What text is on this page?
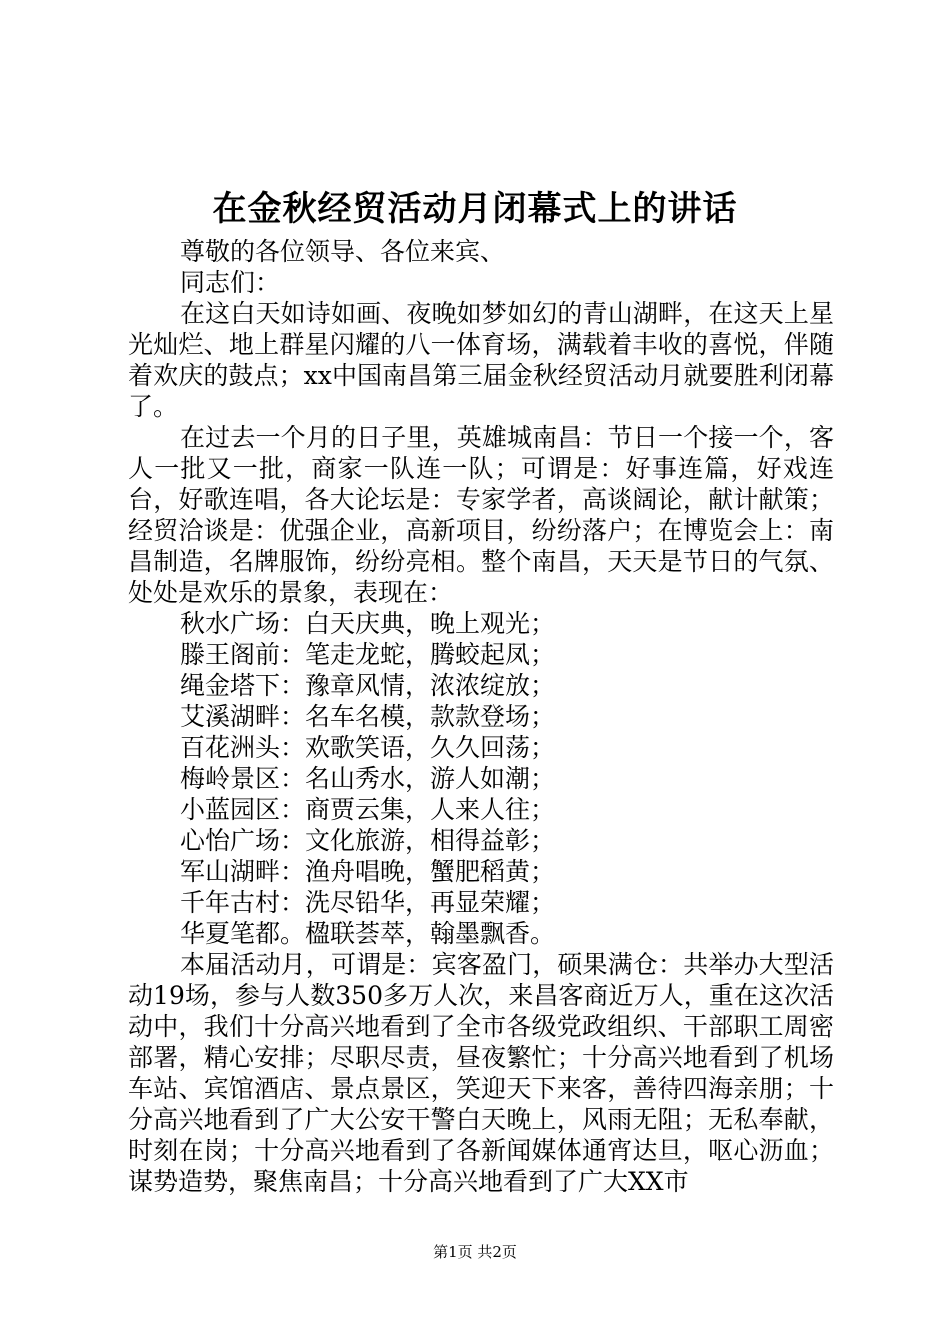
在金秋经贸活动月闭幕式上的讲话

尊敬的各位领导、各位来宾、

同志们：

在这白天如诗如画、夜晚如梦如幻的青山湖畔，在这天上星光灿烂、地上群星闪耀的八一体育场，满载着丰收的喜悦，伴随着欢庆的鼓点；xx中国南昌第三届金秋经贸活动月就要胜利闭幕了。

在过去一个月的日子里，英雄城南昌：节日一个接一个，客人一批又一批，商家一队连一队；可谓是：好事连篇，好戏连台，好歌连唱，各大论坛是：专家学者，高谈阔论，献计献策；经贸洽谈是：优强企业，高新项目，纷纷落户；在博览会上：南昌制造，名牌服饰，纷纷亮相。整个南昌，天天是节日的气氛、处处是欢乐的景象，表现在：

秋水广场：白天庆典，晚上观光；

滕王阁前：笔走龙蛇，腾蛟起凤；

绳金塔下：豫章风情，浓浓绽放；

艾溪湖畔：名车名模，款款登场；

百花洲头：欢歌笑语，久久回荡；

梅岭景区：名山秀水，游人如潮；

小蓝园区：商贾云集，人来人往；

心怡广场：文化旅游，相得益彰；

军山湖畔：渔舟唱晚，蟹肥稻黄；

千年古村：洗尽铅华，再显荣耀；

华夏笔都。楹联荟萃，翰墨飘香。

本届活动月，可谓是：宾客盈门，硕果满仓：共举办大型活动19场，参与人数350多万人次，来昌客商近万人，重在这次活动中，我们十分高兴地看到了全市各级党政组织、干部职工周密部署，精心安排；尽职尽责，昼夜繁忙；十分高兴地看到了机场车站、宾馆酒店、景点景区，笑迎天下来客，善待四海亲朋；十分高兴地看到了广大公安干警白天晚上，风雨无阻；无私奉献，时刻在岗；十分高兴地看到了各新闻媒体通宵达旦，呕心沥血；谋势造势，聚焦南昌；十分高兴地看到了广大XX市

第1页 共2页
